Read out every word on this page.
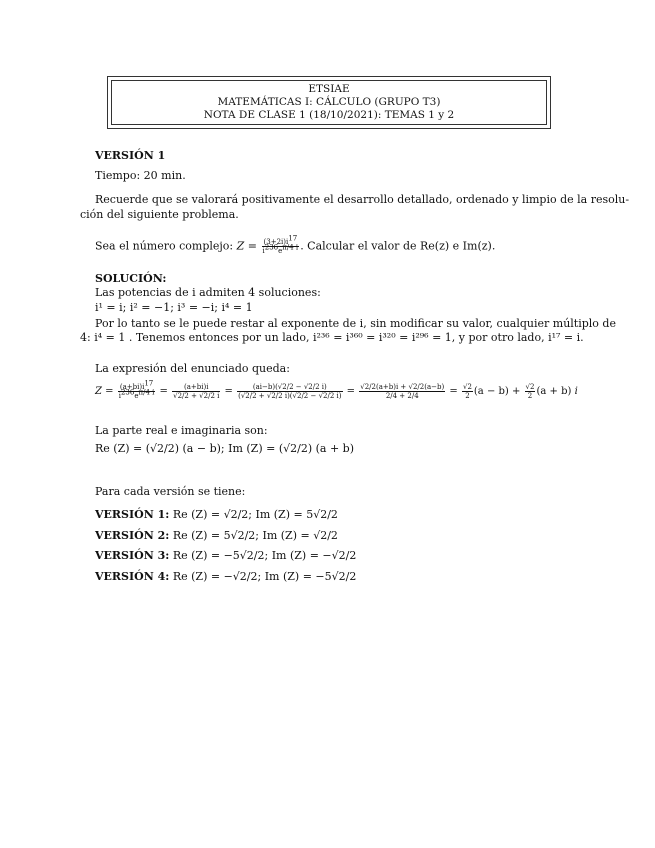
ETSIAE
MATEMÁTICAS I: CÁLCULO (GRUPO T3)
NOTA DE CLASE 1 (18/10/2021): TEMAS 1 y 2
VERSIÓN 1
Tiempo: 20 min.
Recuerde que se valorará positivamente el desarrollo detallado, ordenado y limpio de la resolu-
ción del siguiente problema.
Sea el número complejo: $Z = \frac{(3+2i)i^{17}}{i^{236}e^{\pi/4 i}}$ . Calcular el valor de Re(z) e Im(z).
SOLUCIÓN:
Las potencias de i admiten 4 soluciones:
i¹ = i; i² = −1; i³ = −i; i⁴ = 1
Por lo tanto se le puede restar al exponente de i, sin modificar su valor, cualquier múltiplo de
4: i⁴ = 1 . Tenemos entonces por un lado, i²³⁶ = i³⁶⁰ = i³²⁰ = i²⁹⁶ = 1, y por otro lado, i¹⁷ = i.
La expresión del enunciado queda:
$Z = \frac{(a+bi)i^{17}}{i^{236}e^{\pi/4 i}} = \frac{(a+bi)i}{√2/2 + √2/2 i} = \frac{(ai-b)(√2/2 - √2/2 i)}{(√2/2 + √2/2 i)(√2/2 - √2/2 i)} = \frac{√2/2(a+b)i + √2/2(a-b)}{2/4 + 2/4} = \frac{√2}{2} (a - b) + \frac{√2}{2} (a + b)$ i
La parte real e imaginaria son:
Re (Z) = (√2/2) (a − b); Im (Z) = (√2/2) (a + b)
Para cada versión se tiene:
VERSIÓN 1: Re (Z) = √2/2; Im (Z) = 5√2/2
VERSIÓN 2: Re (Z) = 5√2/2; Im (Z) = √2/2
VERSIÓN 3: Re (Z) = −5√2/2; Im (Z) = −√2/2
VERSIÓN 4: Re (Z) = −√2/2; Im (Z) = −5√2/2
